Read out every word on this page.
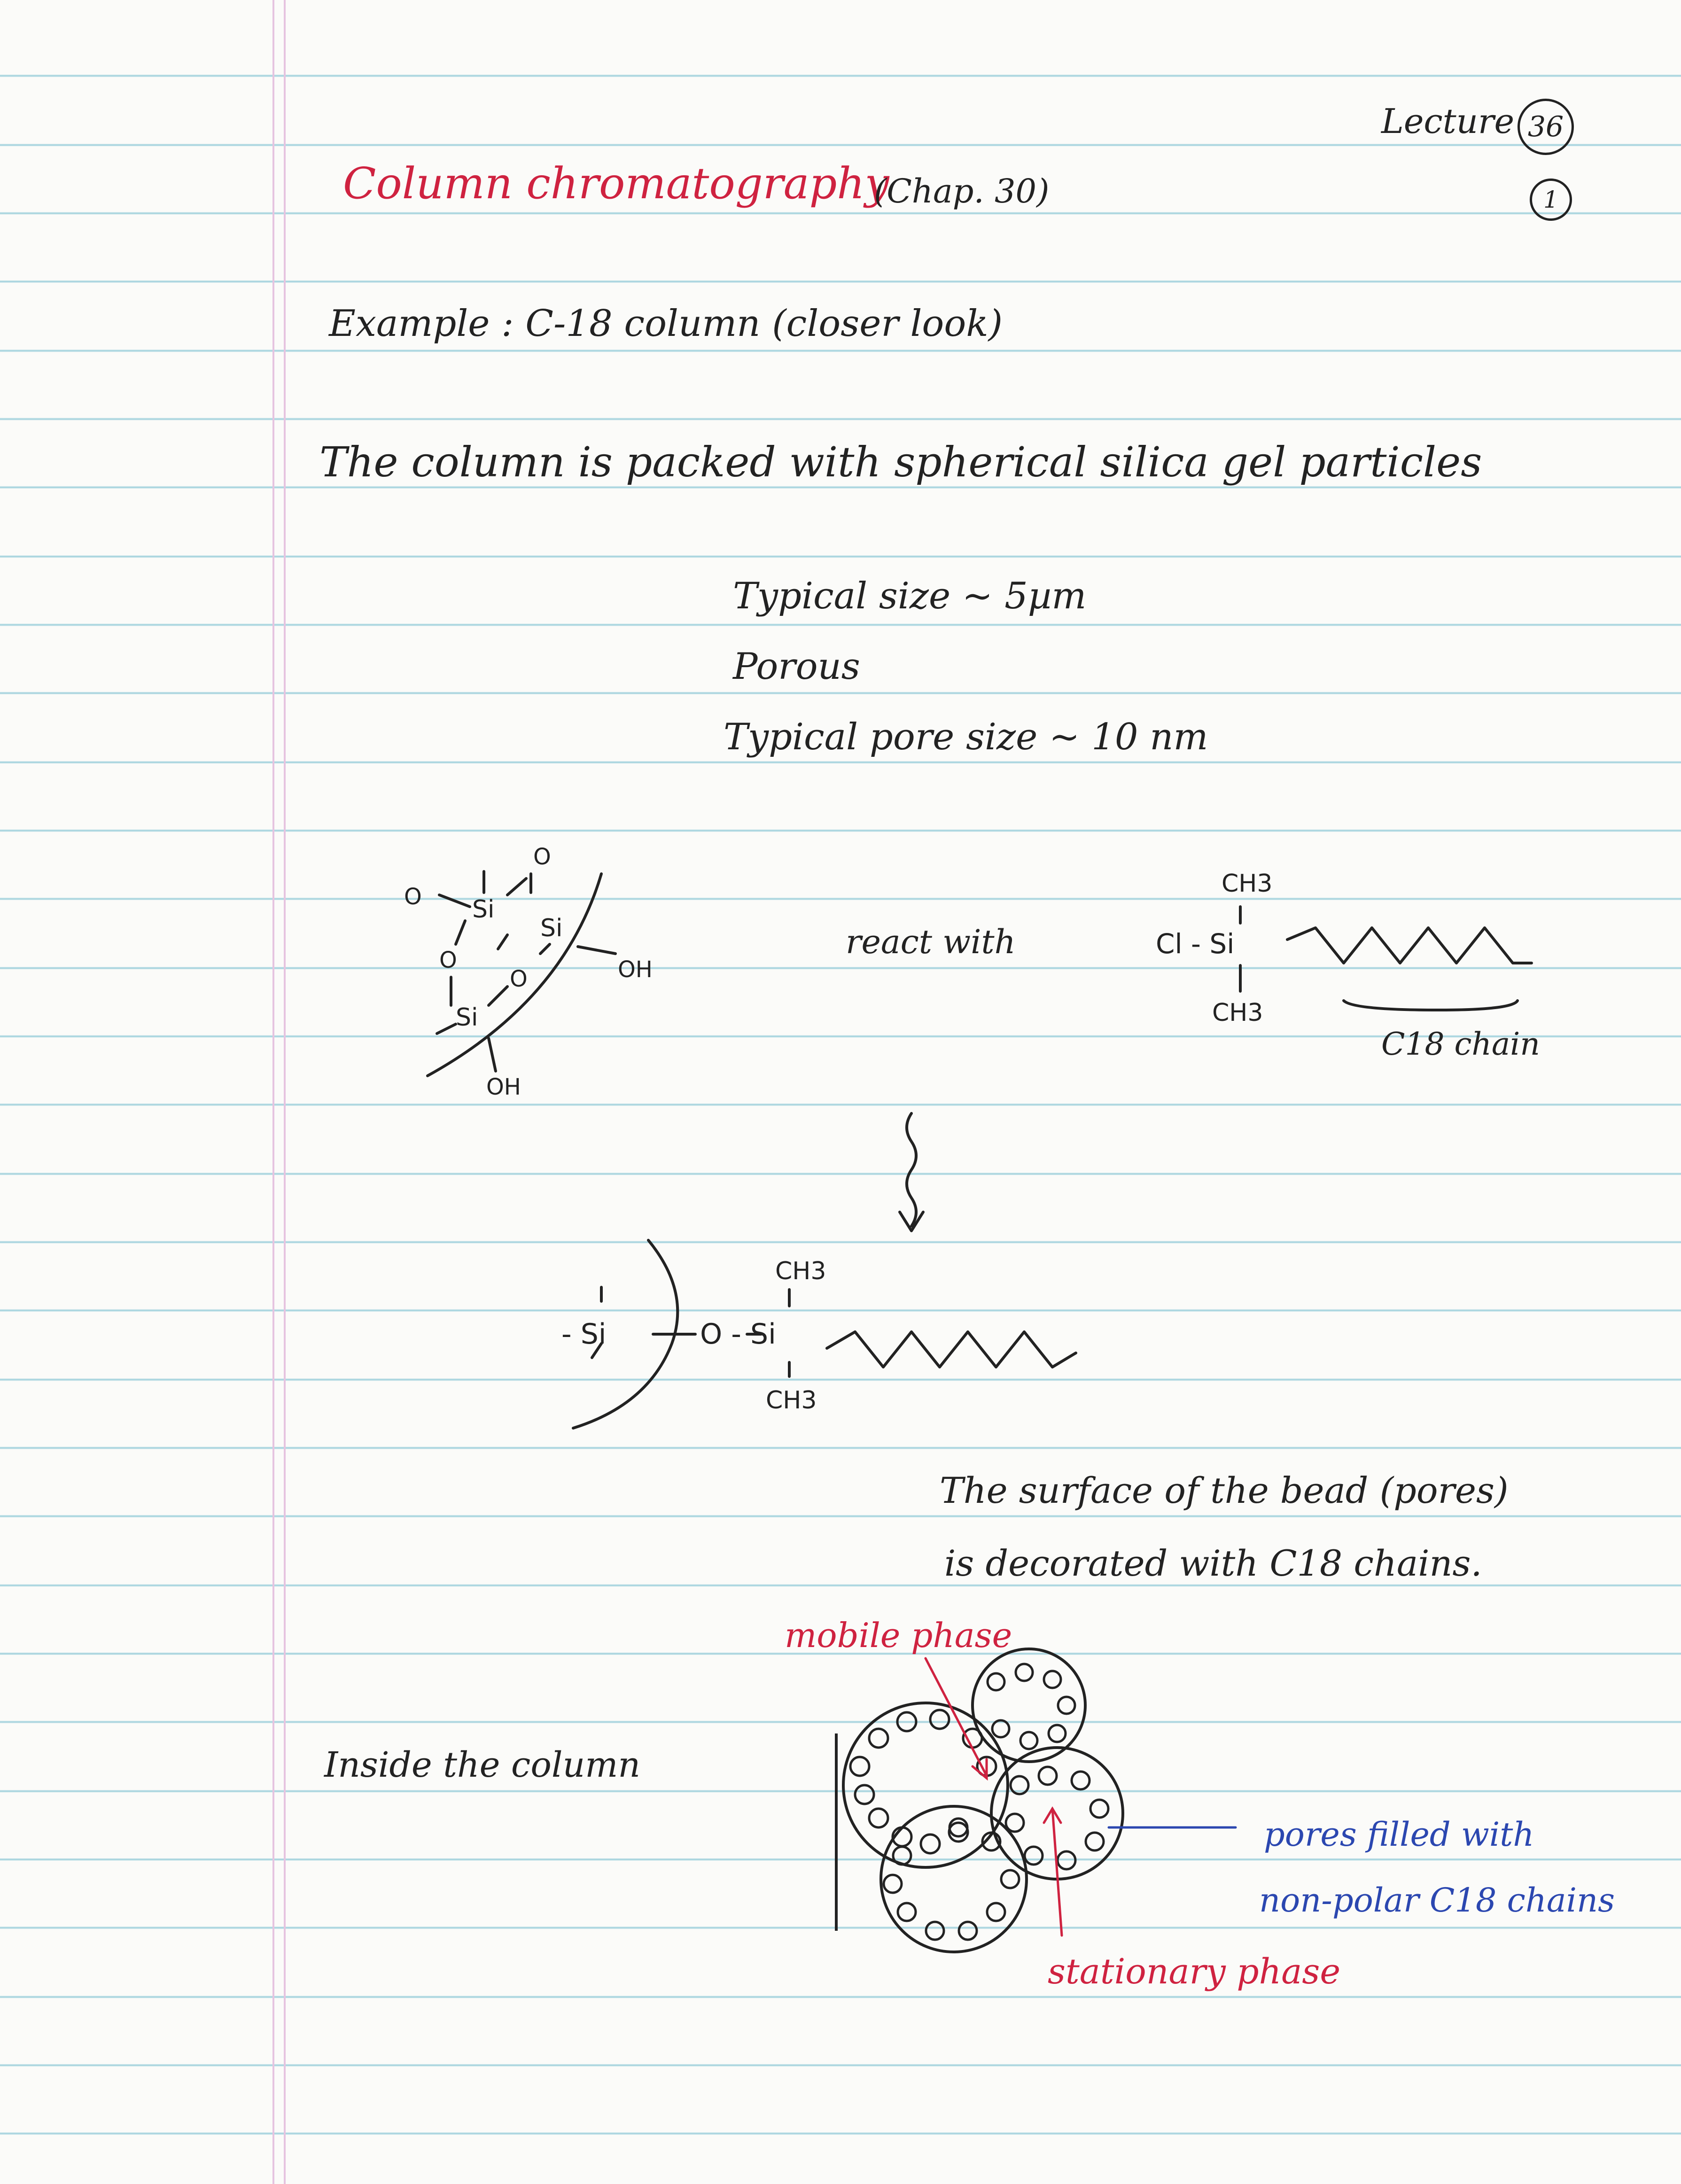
Lecture 36
1
Column chromatography
(Chap. 30)
Example : C-18 column (closer look)
The column is packed with spherical silica gel particles
Typical size ~ 5µm
Porous
Typical pore size ~ 10 nm
O
O
Si
Si
OH
O
O
Si
OH
react with
CH3
Cl - Si
CH3
C18 chain
- Si	O - Si
CH3
CH3
The surface of the bead (pores)
is decorated with C18 chains.
Inside the column
mobile phase
pores filled with
non-polar C18 chains
stationary phase
